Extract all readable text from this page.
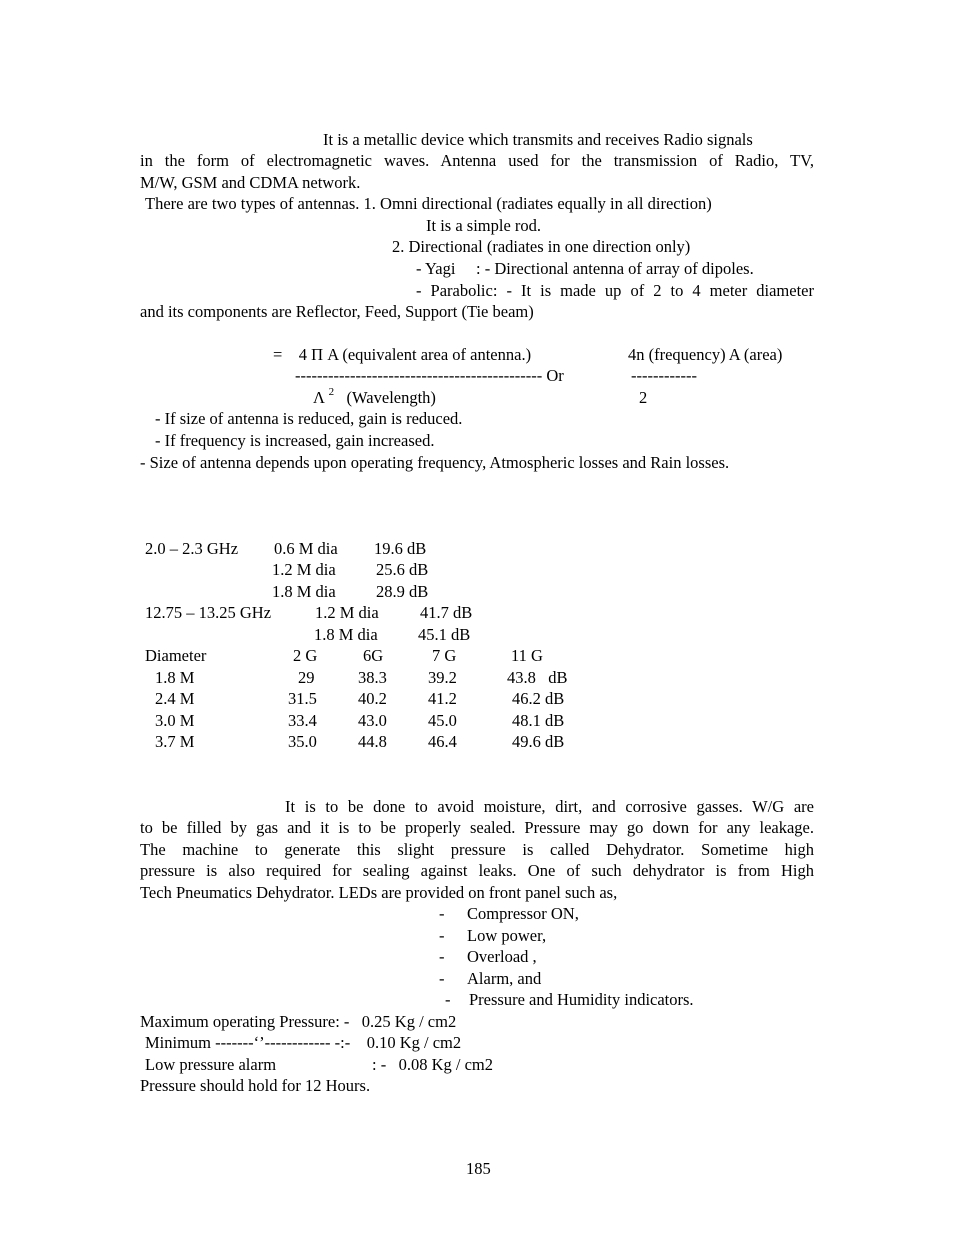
It is a metallic device which transmits and receives Radio signals
in the form of electromagnetic waves. Antenna used for the transmission of Radio, TV,
M/W, GSM and CDMA network.
There are two types of antennas. 1. Omni directional (radiates equally in all direction)
It is a simple rod.
2. Directional (radiates in one direction only)
- Yagi     : - Directional antenna of array of dipoles.
- Parabolic: - It is made up of 2 to 4 meter diameter
and its components are Reflector, Feed, Support (Tie beam)
=    4 Π A (equivalent area of antenna.)	4n (frequency) A (area)
--------------------------------------------- Or	------------
Λ $^2$ (Wavelength)	2
- If size of antenna is reduced, gain is reduced.
- If frequency is increased, gain increased.
- Size of antenna depends upon operating frequency, Atmospheric losses and Rain losses.
2.0 – 2.3 GHz 0.6 M dia 19.6 dB
1.2 M dia 25.6 dB
1.8 M dia 28.9 dB
12.75 – 13.25 GHz	1.2 M dia	41.7 dB
1.8 M dia 45.1 dB
Diameter	2 G	6G	7 G	11 G
1.8 M	29	38.3 39.2	43.8   dB
2.4 M	31.5 40.2 41.2	46.2 dB
3.0 M	33.4 43.0 45.0	48.1 dB
3.7 M	35.0 44.8 46.4	49.6 dB
It is to be done to avoid moisture, dirt, and corrosive gasses. W/G are
to be filled by gas and it is to be properly sealed. Pressure may go down for any leakage.
The machine to generate this slight pressure is called Dehydrator. Sometime high
pressure is also required for sealing against leaks. One of such dehydrator is from High
Tech Pneumatics Dehydrator. LEDs are provided on front panel such as,
- Compressor ON,
- Low power,
- Overload ,
- Alarm, and
- Pressure and Humidity indicators.
Maximum operating Pressure: -   0.25 Kg / cm2
Minimum -------‘’------------ -:-    0.10 Kg / cm2
Low pressure alarm	: -   0.08 Kg / cm2
Pressure should hold for 12 Hours.
185
